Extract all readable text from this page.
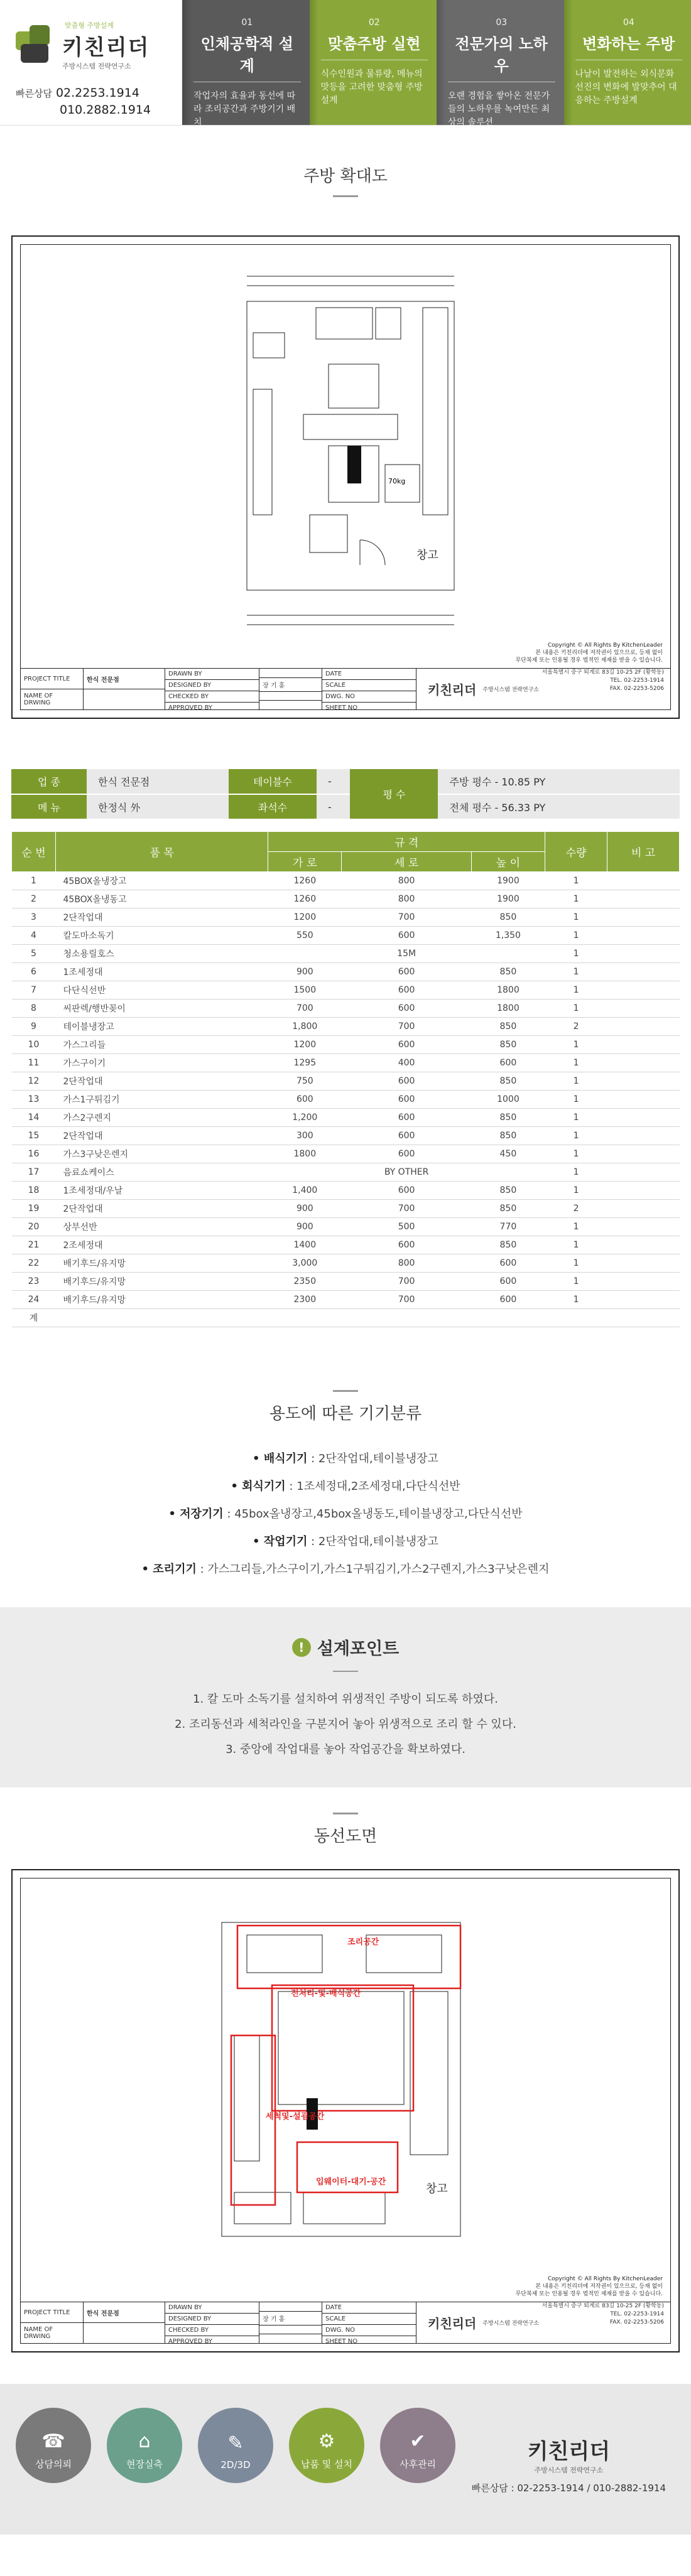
맞춤형 주방설계
키친리더
주방시스템 전략연구소
빠른상담 02.2253.1914
010.2882.1914
01
인체공학적 설계
작업자의 효율과 동선에 따라 조리공간과 주방기기 배치
02
맞춤주방 실현
식수인원과 물류량, 메뉴의 맛등을 고려한 맞춤형 주방설계
03
전문가의 노하우
오랜 경험을 쌓아온 전문가들의 노하우를 녹여만든 최상의 솔루션
04
변화하는 주방
나날이 발전하는 외식문화 선진의 변화에 발맞추어 대응하는 주방설계
주방 확대도
70kg
창고
Copyright © All Rights By KitchenLeader
본 내용은 키친리더에 저작권이 있으므로, 등재 없이
무단복제 또는 인용될 경우 법적인 제재를 받을 수 있습니다.
PROJECT TITLE
NAME OF DRWING
한식 전문점
DRAWN BY
DESIGNED BY
CHECKED BY
APPROVED BY
장 기 홍
DATE
SCALE
DWG. NO
SHEET NO
키친리더 주방시스템 전략연구소
서울특별시 중구 퇴계로 83길 10-25 2F (황학동)
TEL. 02-2253-1914
FAX. 02-2253-5206
업 종	한식 전문점	테이블수	-	평 수	주방 평수 - 10.85 PY
메 뉴	한정식 外	좌석수	-		전체 평수 - 56.33 PY
순 번	품 목	규 격			수량	비 고
		가 로	세 로	높 이		
1	45BOX올냉장고	1260	800	1900	1	
2	45BOX올냉동고	1260	800	1900	1	
3	2단작업대	1200	700	850	1	
4	칼도마소독기	550	600	1,350	1	
5	청소용릴호스		15M		1	
6	1조세정대	900	600	850	1	
7	다단식선반	1500	600	1800	1	
8	씨판렉/행반꽂이	700	600	1800	1	
9	테이블냉장고	1,800	700	850	2	
10	가스그리들	1200	600	850	1	
11	가스구이기	1295	400	600	1	
12	2단작업대	750	600	850	1	
13	가스1구튀김기	600	600	1000	1	
14	가스2구렌지	1,200	600	850	1	
15	2단작업대	300	600	850	1	
16	가스3구낮은렌지	1800	600	450	1	
17	음료쇼케이스		BY OTHER		1	
18	1조세정대/우날	1,400	600	850	1	
19	2단작업대	900	700	850	2	
20	상부선반	900	500	770	1	
21	2조세정대	1400	600	850	1	
22	배기후드/유지망	3,000	800	600	1	
23	배기후드/유지망	2350	700	600	1	
24	배기후드/유지망	2300	700	600	1	
계						
용도에 따른 기기분류
• 배식기기 : 2단작업대,테이블냉장고
• 회식기기 : 1조세정대,2조세정대,다단식선반
• 저장기기 : 45box올냉장고,45box올냉동도,테이블냉장고,다단식선반
• 작업기기 : 2단작업대,테이블냉장고
• 조리기기 : 가스그리들,가스구이기,가스1구튀김기,가스2구렌지,가스3구낮은렌지
! 설계포인트

1. 칼 도마 소독기를 설치하여 위생적인 주방이 되도록 하였다.

2. 조리동선과 세척라인을 구분지어 놓아 위생적으로 조리 할 수 있다.

3. 중앙에 작업대를 놓아 작업공간을 확보하였다.

동선도면
조리공간
전처리-및-배식공간
세척및-설굄공간
입웨이터-대기-공간
창고
Copyright © All Rights By KitchenLeader
본 내용은 키친리더에 저작권이 있으므로, 등재 없이
무단복제 또는 인용될 경우 법적인 제재를 받을 수 있습니다.
PROJECT TITLE
NAME OF DRWING
한식 전문점
DRAWN BY
DESIGNED BY
CHECKED BY
APPROVED BY
장 기 홍
DATE
SCALE
DWG. NO
SHEET NO
키친리더 주방시스템 전략연구소
서울특별시 중구 퇴계로 83길 10-25 2F (황학동)
TEL. 02-2253-1914
FAX. 02-2253-5206
☎
상담의뢰
⌂
현장실측
✎
2D/3D
⚙
납품 및 설치
✔
사후관리	키친리더
주방시스템 전략연구소
빠른상담 : 02-2253-1914 / 010-2882-1914
